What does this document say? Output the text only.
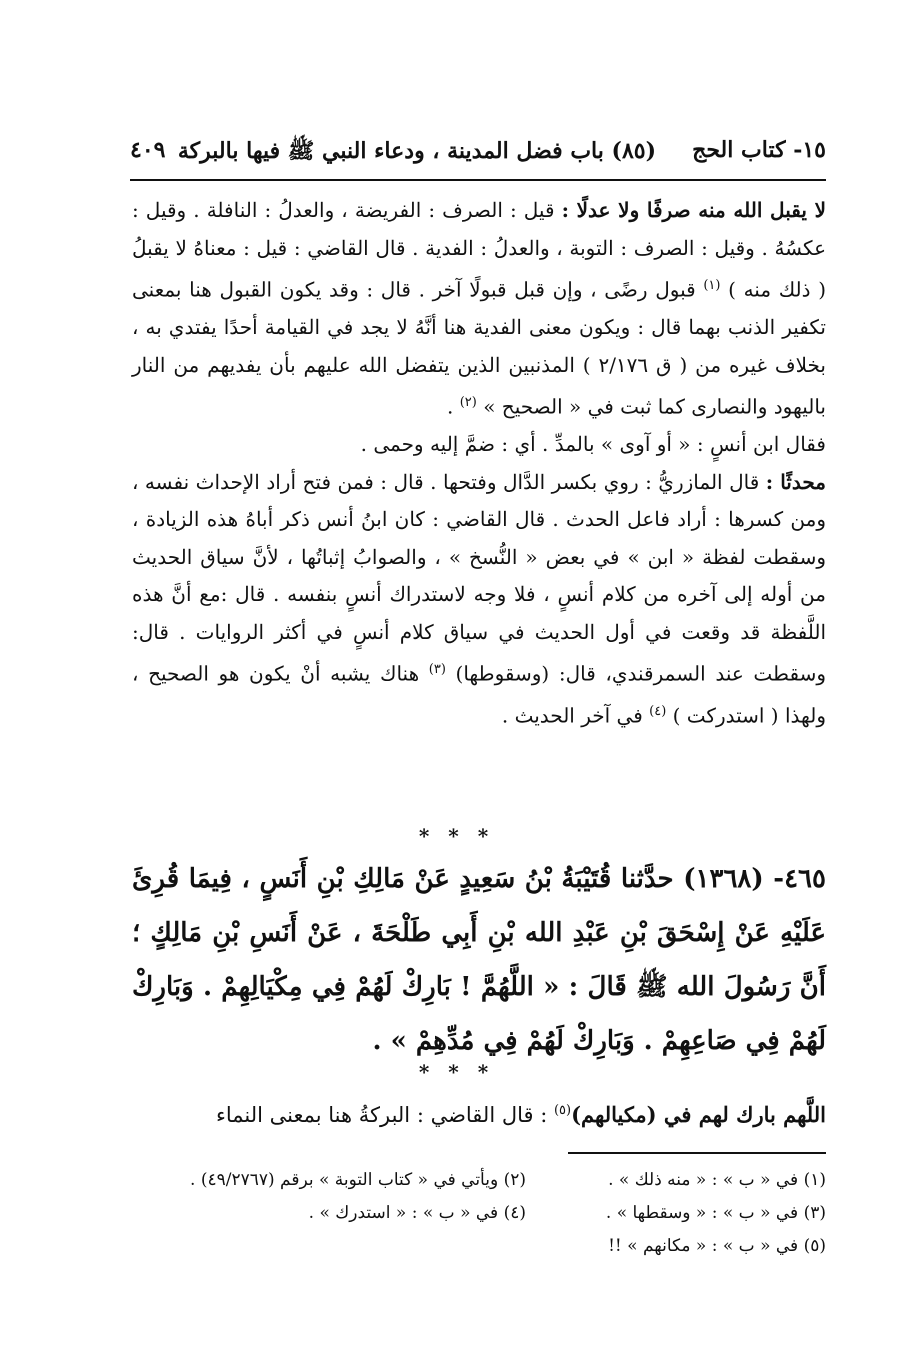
١٥- كتاب الحج
(٨٥) باب فضل المدينة ، ودعاء النبي ﷺ فيها بالبركة
٤٠٩

لا يقبل الله منه صرفًا ولا عدلًا : قيل : الصرف : الفريضة ، والعدلُ : النافلة . وقيل : عكسُهُ . وقيل : الصرف : التوبة ، والعدلُ : الفدية . قال القاضي : قيل : معناهُ لا يقبلُ ( ذلك منه ) $^{(١)}$ قبول رضًى ، وإن قبل قبولًا آخر . قال : وقد يكون القبول هنا بمعنى تكفير الذنب بهما قال : ويكون معنى الفدية هنا أنَّهُ لا يجد في القيامة أحدًا يفتدي به ، بخلاف غيره من ( ق ٢/١٧٦ ) المذنبين الذين يتفضل الله عليهم بأن يفديهم من النار باليهود والنصارى كما ثبت في « الصحيح » $^{(٢)}$ .

فقال ابن أنسٍ : « أو آوى » بالمدِّ . أي : ضمَّ إليه وحمى .

محدثًا : قال المازريُّ : روي بكسر الدَّال وفتحها . قال : فمن فتح أراد الإحداث نفسه ، ومن كسرها : أراد فاعل الحدث . قال القاضي : كان ابنُ أنس ذكر أباهُ هذه الزيادة ، وسقطت لفظة « ابن » في بعض « النُّسخ » ، والصوابُ إثباتُها ، لأنَّ سياق الحديث من أوله إلى آخره من كلام أنسٍ ، فلا وجه لاستدراك أنسٍ بنفسه . قال :مع أنَّ هذه اللَّفظة قد وقعت في أول الحديث في سياق كلام أنسٍ في أكثر الروايات . قال: وسقطت عند السمرقندي، قال: (وسقوطها) $^{(٣)}$ هناك يشبه أنْ يكون هو الصحيح ، ولهذا ( استدركت ) $^{(٤)}$ في آخر الحديث .

* * *

٤٦٥- (١٣٦٨) حدَّثنا قُتَيْبَةُ بْنُ سَعِيدٍ عَنْ مَالِكِ بْنِ أَنَسٍ ، فِيمَا قُرِئَ عَلَيْهِ عَنْ إِسْحَقَ بْنِ عَبْدِ الله بْنِ أَبِي طَلْحَةَ ، عَنْ أَنَسِ بْنِ مَالِكٍ ؛ أَنَّ رَسُولَ الله ﷺ قَالَ : « اللَّهُمَّ ! بَارِكْ لَهُمْ فِي مِكْيَالِهِمْ . وَبَارِكْ لَهُمْ فِي صَاعِهِمْ . وَبَارِكْ لَهُمْ فِي مُدِّهِمْ » .

* * *

اللَّهم بارك لهم في (مكيالهم)$^{(٥)}$ : قال القاضي : البركةُ هنا بمعنى النماء

(١) في « ب » : « منه ذلك » .
(٢) ويأتي في « كتاب التوبة » برقم (٤٩/٢٧٦٧) .
(٣) في « ب » : « وسقطها » .
(٤) في « ب » : « استدرك » .
(٥) في « ب » : « مكانهم » !!
